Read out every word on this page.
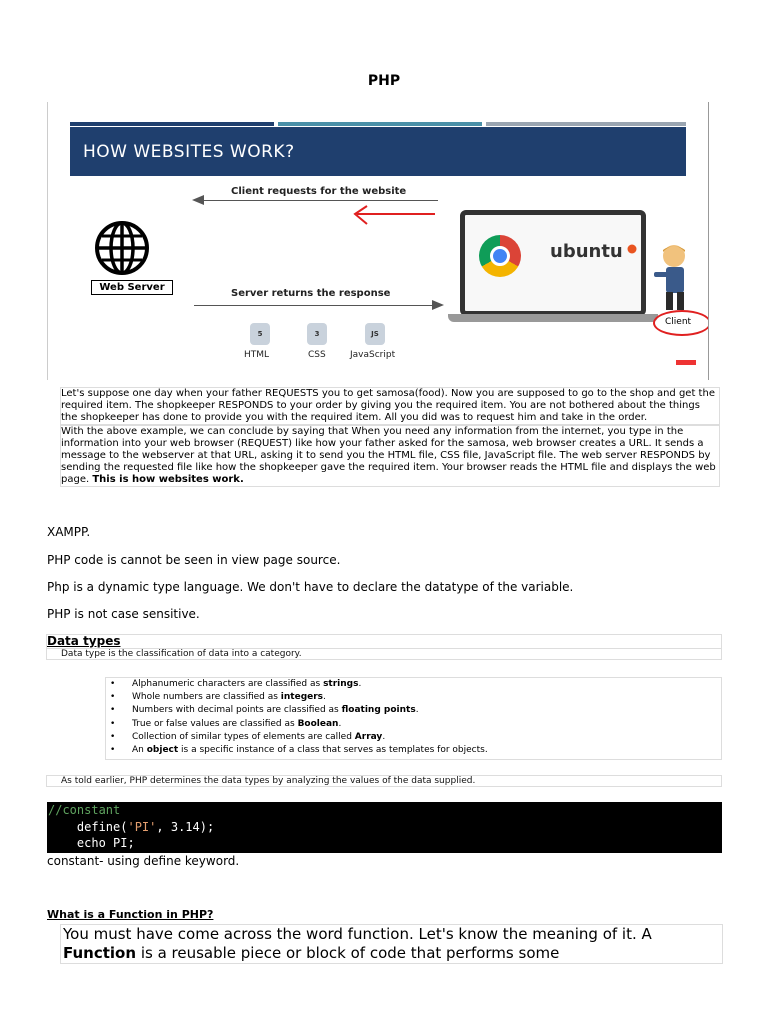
PHP
HOW WEBSITES WORK?
Client requests for the website
Web Server
ubuntu
Client
Server returns the response
5	3	JS
HTML	CSS	JavaScript

Let's suppose one day when your father REQUESTS you to get samosa(food). Now you are supposed to go to the shop and get the required item. The shopkeeper RESPONDS to your order by giving you the required item. You are not bothered about the things the shopkeeper has done to provide you with the required item. All you did was to request him and take in the order.

With the above example, we can conclude by saying that When you need any information from the internet, you type in the information into your web browser (REQUEST) like how your father asked for the samosa, web browser creates a URL. It sends a message to the webserver at that URL, asking it to send you the HTML file, CSS file, JavaScript file. The web server RESPONDS by sending the requested file like how the shopkeeper gave the required item. Your browser reads the HTML file and displays the web page. This is how websites work.

XAMPP.
PHP code is cannot be seen in view page source.
Php is a dynamic type language. We don't have to declare the datatype of the variable.
PHP is not case sensitive.
Data types
Data type is the classification of data into a category.
• Alphanumeric characters are classified as strings.
• Whole numbers are classified as integers.
• Numbers with decimal points are classified as floating points.
• True or false values are classified as Boolean.
• Collection of similar types of elements are called Array.
• An object is a specific instance of a class that serves as templates for objects.
As told earlier, PHP determines the data types by analyzing the values of the data supplied.
//constant
define('PI', 3.14);
echo PI;
constant- using define keyword.
What is a Function in PHP?
You must have come across the word function. Let's know the meaning of it. A Function is a reusable piece or block of code that performs some
